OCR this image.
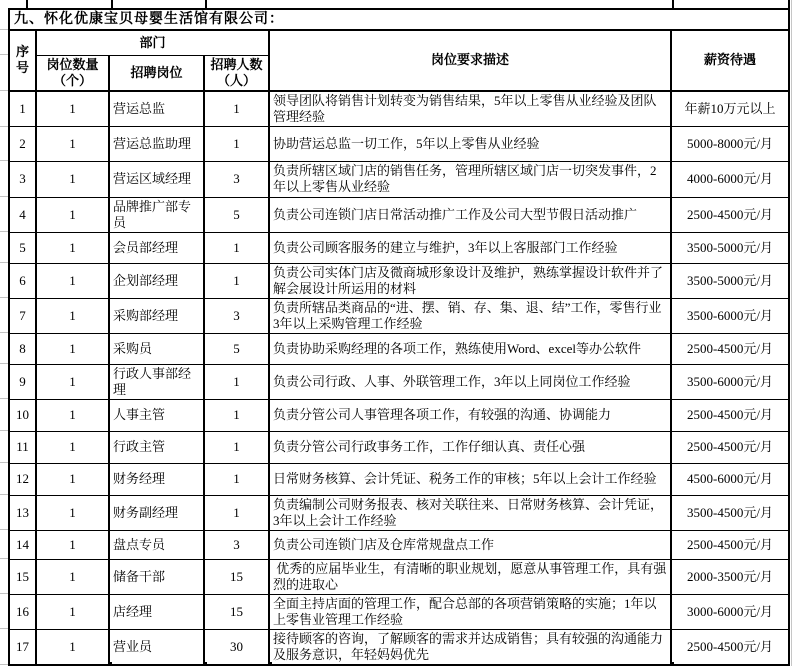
九、怀化优康宝贝母婴生活馆有限公司：					
序号	部门			岗位要求描述	薪资待遇
	岗位数量（个）	招聘岗位	招聘人数（人）		
1	1	营运总监	1	领导团队将销售计划转变为销售结果，5年以上零售从业经验及团队管理经验	年薪10万元以上
2	1	营运总监助理	1	协助营运总监一切工作，5年以上零售从业经验	5000-8000元/月
3	1	营运区域经理	3	负责所辖区域门店的销售任务，管理所辖区域门店一切突发事件，2年以上零售从业经验	4000-6000元/月
4	1	品牌推广部专员	5	负责公司连锁门店日常活动推广工作及公司大型节假日活动推广	2500-4500元/月
5	1	会员部经理	1	负责公司顾客服务的建立与维护，3年以上客服部门工作经验	3500-5000元/月
6	1	企划部经理	1	负责公司实体门店及微商城形象设计及维护，熟练掌握设计软件并了解会展设计所运用的材料	3500-5000元/月
7	1	采购部经理	3	负责所辖品类商品的“进、摆、销、存、集、退、结”工作，零售行业3年以上采购管理工作经验	3500-6000元/月
8	1	采购员	5	负责协助采购经理的各项工作，熟练使用Word、excel等办公软件	2500-4500元/月
9	1	行政人事部经理	1	负责公司行政、人事、外联管理工作，3年以上同岗位工作经验	3500-6000元/月
10	1	人事主管	1	负责分管公司人事管理各项工作，有较强的沟通、协调能力	2500-4500元/月
11	1	行政主管	1	负责分管公司行政事务工作，工作仔细认真、责任心强	2500-4500元/月
12	1	财务经理	1	日常财务核算、会计凭证、税务工作的审核；5年以上会计工作经验	4500-6000元/月
13	1	财务副经理	1	负责编制公司财务报表、核对关联往来、日常财务核算、会计凭证，3年以上会计工作经验	3500-4500元/月
14	1	盘点专员	3	负责公司连锁门店及仓库常规盘点工作	2500-4500元/月
15	1	储备干部	15	优秀的应届毕业生，有清晰的职业规划，愿意从事管理工作，具有强烈的进取心	2000-3500元/月
16	1	店经理	15	全面主持店面的管理工作，配合总部的各项营销策略的实施；1年以上零售业管理工作经验	3000-6000元/月
17	1	营业员	30	接待顾客的咨询，了解顾客的需求并达成销售；具有较强的沟通能力及服务意识，年轻妈妈优先	2500-4500元/月
